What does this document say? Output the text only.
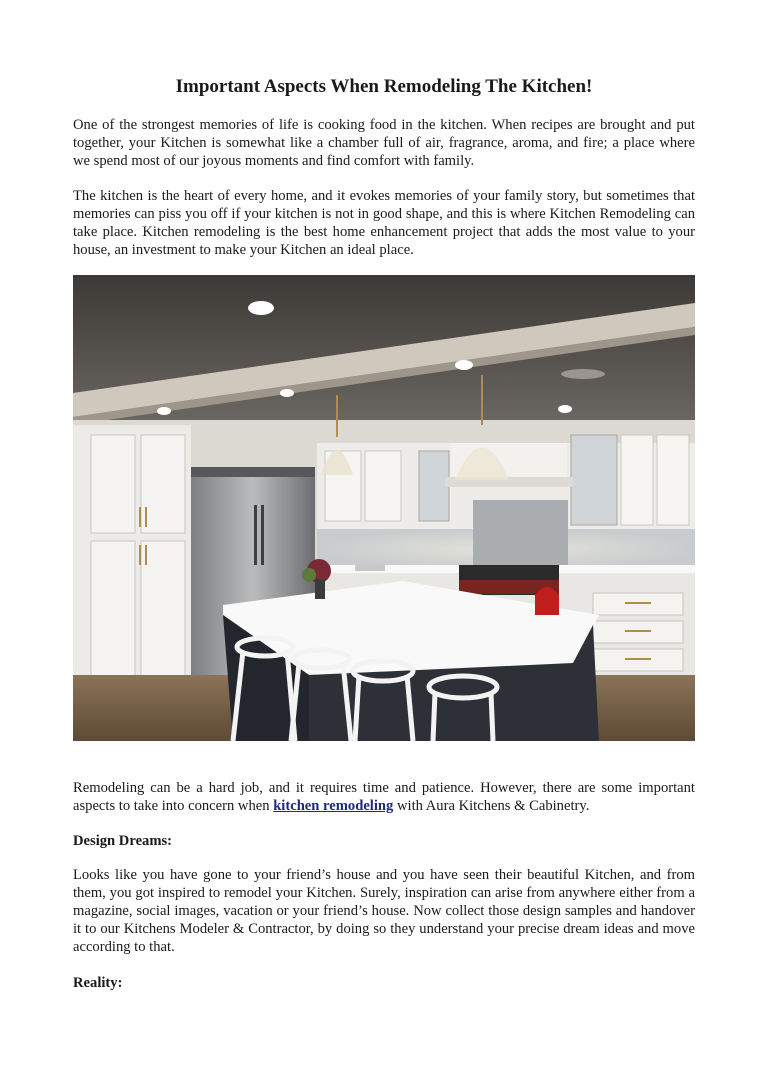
Important Aspects When Remodeling The Kitchen!

One of the strongest memories of life is cooking food in the kitchen. When recipes are brought and put together, your Kitchen is somewhat like a chamber full of air, fragrance, aroma, and fire; a place where we spend most of our joyous moments and find comfort with family.

The kitchen is the heart of every home, and it evokes memories of your family story, but sometimes that memories can piss you off if your kitchen is not in good shape, and this is where Kitchen Remodeling can take place. Kitchen remodeling is the best home enhancement project that adds the most value to your house, an investment to make your Kitchen an ideal place.

Remodeling can be a hard job, and it requires time and patience. However, there are some important aspects to take into concern when kitchen remodeling with Aura Kitchens & Cabinetry.

Design Dreams:

Looks like you have gone to your friend’s house and you have seen their beautiful Kitchen, and from them, you got inspired to remodel your Kitchen. Surely, inspiration can arise from anywhere either from a magazine, social images, vacation or your friend’s house. Now collect those design samples and handover it to our Kitchens Modeler & Contractor, by doing so they understand your precise dream ideas and move according to that.

Reality:
